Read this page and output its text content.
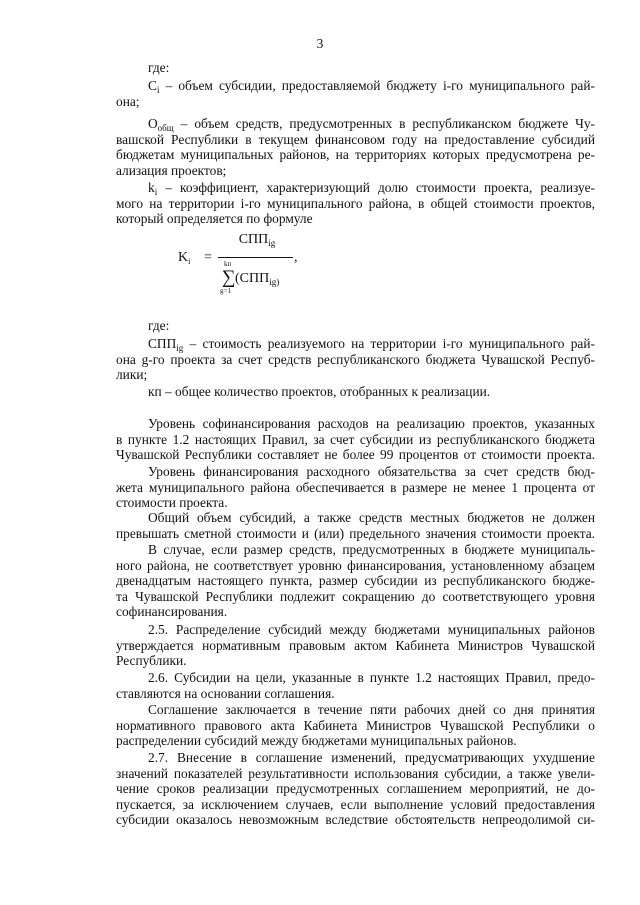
3
где:
$C_i$ – объем субсидии, предоставляемой бюджету i-го муниципального рай-
она;
$O_{общ}$ – объем средств, предусмотренных в республиканском бюджете Чу-
вашской Республики в текущем финансовом году на предоставление субсидий
бюджетам муниципальных районов, на территориях которых предусмотрена ре-
ализация проектов;
$k_i$ – коэффициент, характеризующий долю стоимости проекта, реализуе-
мого на территории i-го муниципального района, в общей стоимости проектов,
который определяется по формуле
$K_i$ =
$СПП_{ig}$
,
kп
∑
g=1
($СПП_{ig)}$
где:
$СПП_{ig}$ – стоимость реализуемого на территории i-го муниципального рай-
она g-го проекта за счет средств республиканского бюджета Чувашской Респуб-
лики;
кп – общее количество проектов, отобранных к реализации.
Уровень софинансирования расходов на реализацию проектов, указанных
в пункте 1.2 настоящих Правил, за счет субсидии из республиканского бюджета
Чувашской Республики составляет не более 99 процентов от стоимости проекта.
Уровень финансирования расходного обязательства за счет средств бюд-
жета муниципального района обеспечивается в размере не менее 1 процента от
стоимости проекта.
Общий объем субсидий, а также средств местных бюджетов не должен
превышать сметной стоимости и (или) предельного значения стоимости проекта.
В случае, если размер средств, предусмотренных в бюджете муниципаль-
ного района, не соответствует уровню финансирования, установленному абзацем
двенадцатым настоящего пункта, размер субсидии из республиканского бюдже-
та Чувашской Республики подлежит сокращению до соответствующего уровня
софинансирования.
2.5. Распределение субсидий между бюджетами муниципальных районов
утверждается нормативным правовым актом Кабинета Министров Чувашской
Республики.
2.6. Субсидии на цели, указанные в пункте 1.2 настоящих Правил, предо-
ставляются на основании соглашения.
Соглашение заключается в течение пяти рабочих дней со дня принятия
нормативного правового акта Кабинета Министров Чувашской Республики о
распределении субсидий между бюджетами муниципальных районов.
2.7. Внесение в соглашение изменений, предусматривающих ухудшение
значений показателей результативности использования субсидии, а также увели-
чение сроков реализации предусмотренных соглашением мероприятий, не до-
пускается, за исключением случаев, если выполнение условий предоставления
субсидии оказалось невозможным вследствие обстоятельств непреодолимой си-
